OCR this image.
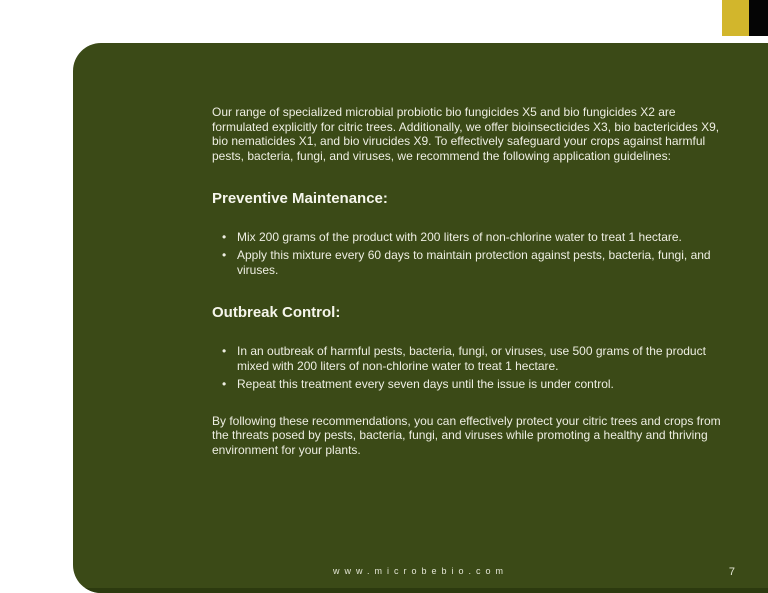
Our range of specialized microbial probiotic bio fungicides X5 and bio fungicides X2 are formulated explicitly for citric trees. Additionally, we offer bioinsecticides X3, bio bactericides X9, bio nematicides X1, and bio virucides X9. To effectively safeguard your crops against harmful pests, bacteria, fungi, and viruses, we recommend the following application guidelines:

Preventive Maintenance:
• Mix 200 grams of the product with 200 liters of non-chlorine water to treat 1 hectare.
• Apply this mixture every 60 days to maintain protection against pests, bacteria, fungi, and viruses.
Outbreak Control:
• In an outbreak of harmful pests, bacteria, fungi, or viruses, use 500 grams of the product mixed with 200 liters of non-chlorine water to treat 1 hectare.
• Repeat this treatment every seven days until the issue is under control.

By following these recommendations, you can effectively protect your citric trees and crops from the threats posed by pests, bacteria, fungi, and viruses while promoting a healthy and thriving environment for your plants.

www.microbebio.com	7
